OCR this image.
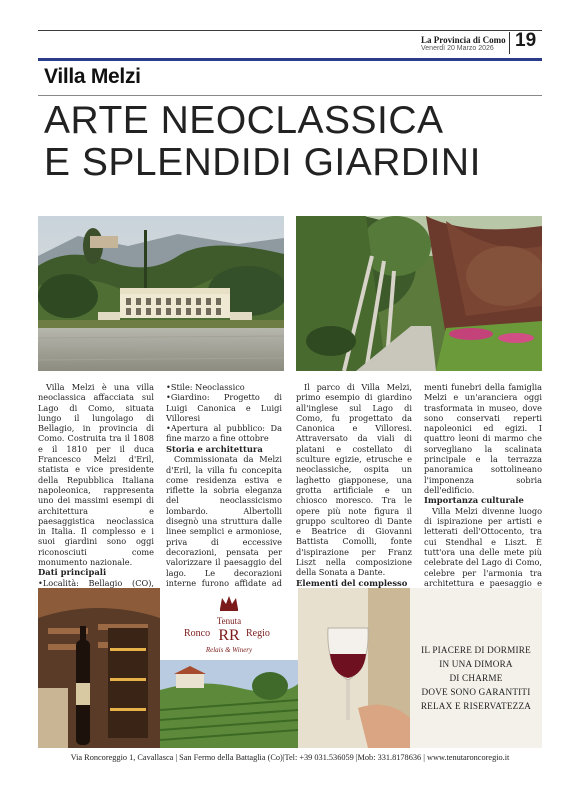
La Provincia di Como
Venerdì 20 Marzo 2026 19
Villa Melzi
ARTE NEOCLASSICA
E SPLENDIDI GIARDINI

Villa Melzi è una villa neoclassica affacciata sul Lago di Como, situata lungo il lungolago di Bellagio, in provincia di Como. Costruita tra il 1808 e il 1810 per il duca Francesco Melzi d'Eril, statista e vice presidente della Repubblica Italiana napoleonica, rappresenta uno dei massimi esempi di architettura e paesaggistica neoclassica in Italia. Il complesso e i suoi giardini sono oggi riconosciuti come monumento nazionale.

Dati principali
•Località: Bellagio (CO),
•Stile: Neoclassico
•Giardino: Progetto di Luigi Canonica e Luigi Villoresi
•Apertura al pubblico: Da fine marzo a fine ottobre
Storia e architettura

Commissionata da Melzi d'Eril, la villa fu concepita come residenza estiva e riflette la sobria eleganza del neoclassicismo lombardo. Albertolli disegnò una struttura dalle linee semplici e armoniose, priva di eccessive decorazioni, pensata per valorizzare il paesaggio del lago. Le decorazioni interne furono affidate ad

Il parco di Villa Melzi, primo esempio di giardino all'inglese sul Lago di Como, fu progettato da Canonica e Villoresi. Attraversato da viali di platani e costellato di sculture egizie, etrusche e neoclassiche, ospita un laghetto giapponese, una grotta artificiale e un chiosco moresco. Tra le opere più note figura il gruppo scultoreo di Dante e Beatrice di Giovanni Battista Comolli, fonte d'ispirazione per Franz Liszt nella composizione della Sonata a Dante.

Elementi del complesso

menti funebri della famiglia Melzi e un'aranciera oggi trasformata in museo, dove sono conservati reperti napoleonici ed egizi. I quattro leoni di marmo che sorvegliano la scalinata principale e la terrazza panoramica sottolineano l'imponenza sobria dell'edificio.

Importanza culturale

Villa Melzi divenne luogo di ispirazione per artisti e letterati dell'Ottocento, tra cui Stendhal e Liszt. È tutt'ora una delle mete più celebrate del Lago di Como, celebre per l'armonia tra architettura e paesaggio e

Tenuta
Ronco RR Regio
Relais & Winery	IL PIACERE DI DORMIRE
IN UNA DIMORA
DI CHARME
DOVE SONO GARANTITI
RELAX E RISERVATEZZA
Via Roncoreggio 1, Cavallasca | San Fermo della Battaglia (Co)|Tel: +39 031.536059 |Mob: 331.8178636 | www.tenutaroncoregio.it
